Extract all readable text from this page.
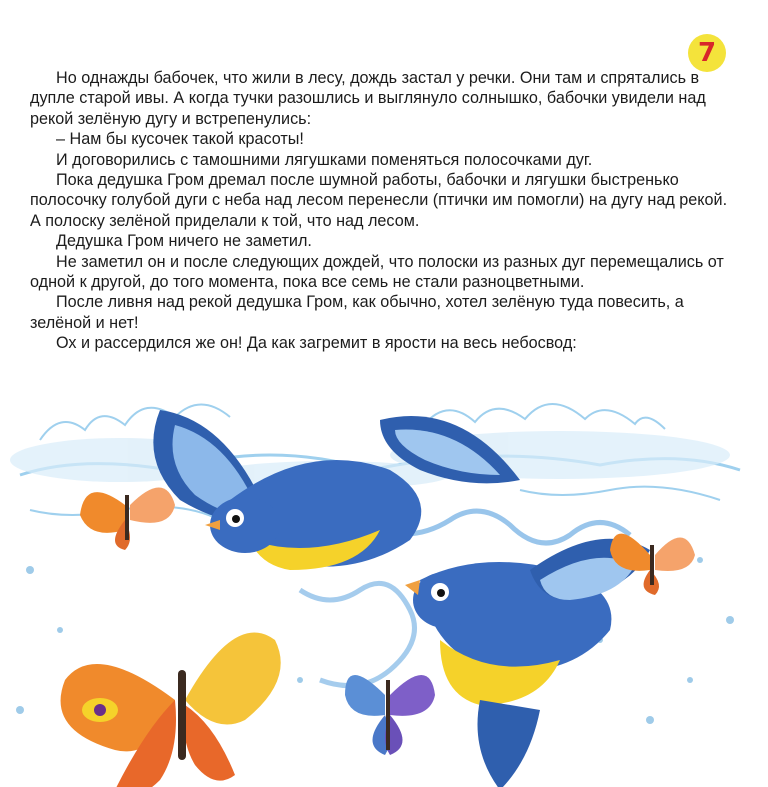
7

Но однажды бабочек, что жили в лесу, дождь застал у речки. Они там и спрятались в дупле старой ивы. А когда тучки разошлись и выглянуло солнышко, бабочки увидели над рекой зелёную дугу и встрепенулись:

– Нам бы кусочек такой красоты!

И договорились с тамошними лягушками поменяться полосочками дуг.

Пока дедушка Гром дремал после шумной работы, бабочки и лягушки быстренько полосочку голубой дуги с неба над лесом перенесли (птички им помогли) на дугу над рекой. А полоску зелёной приделали к той, что над лесом.

Дедушка Гром ничего не заметил.

Не заметил он и после следующих дождей, что полоски из разных дуг перемещались от одной к другой, до того момента, пока все семь не стали разноцветными.

После ливня над рекой дедушка Гром, как обычно, хотел зелёную туда повесить, а зелёной и нет!

Ох и рассердился же он! Да как загремит в ярости на весь небосвод:
